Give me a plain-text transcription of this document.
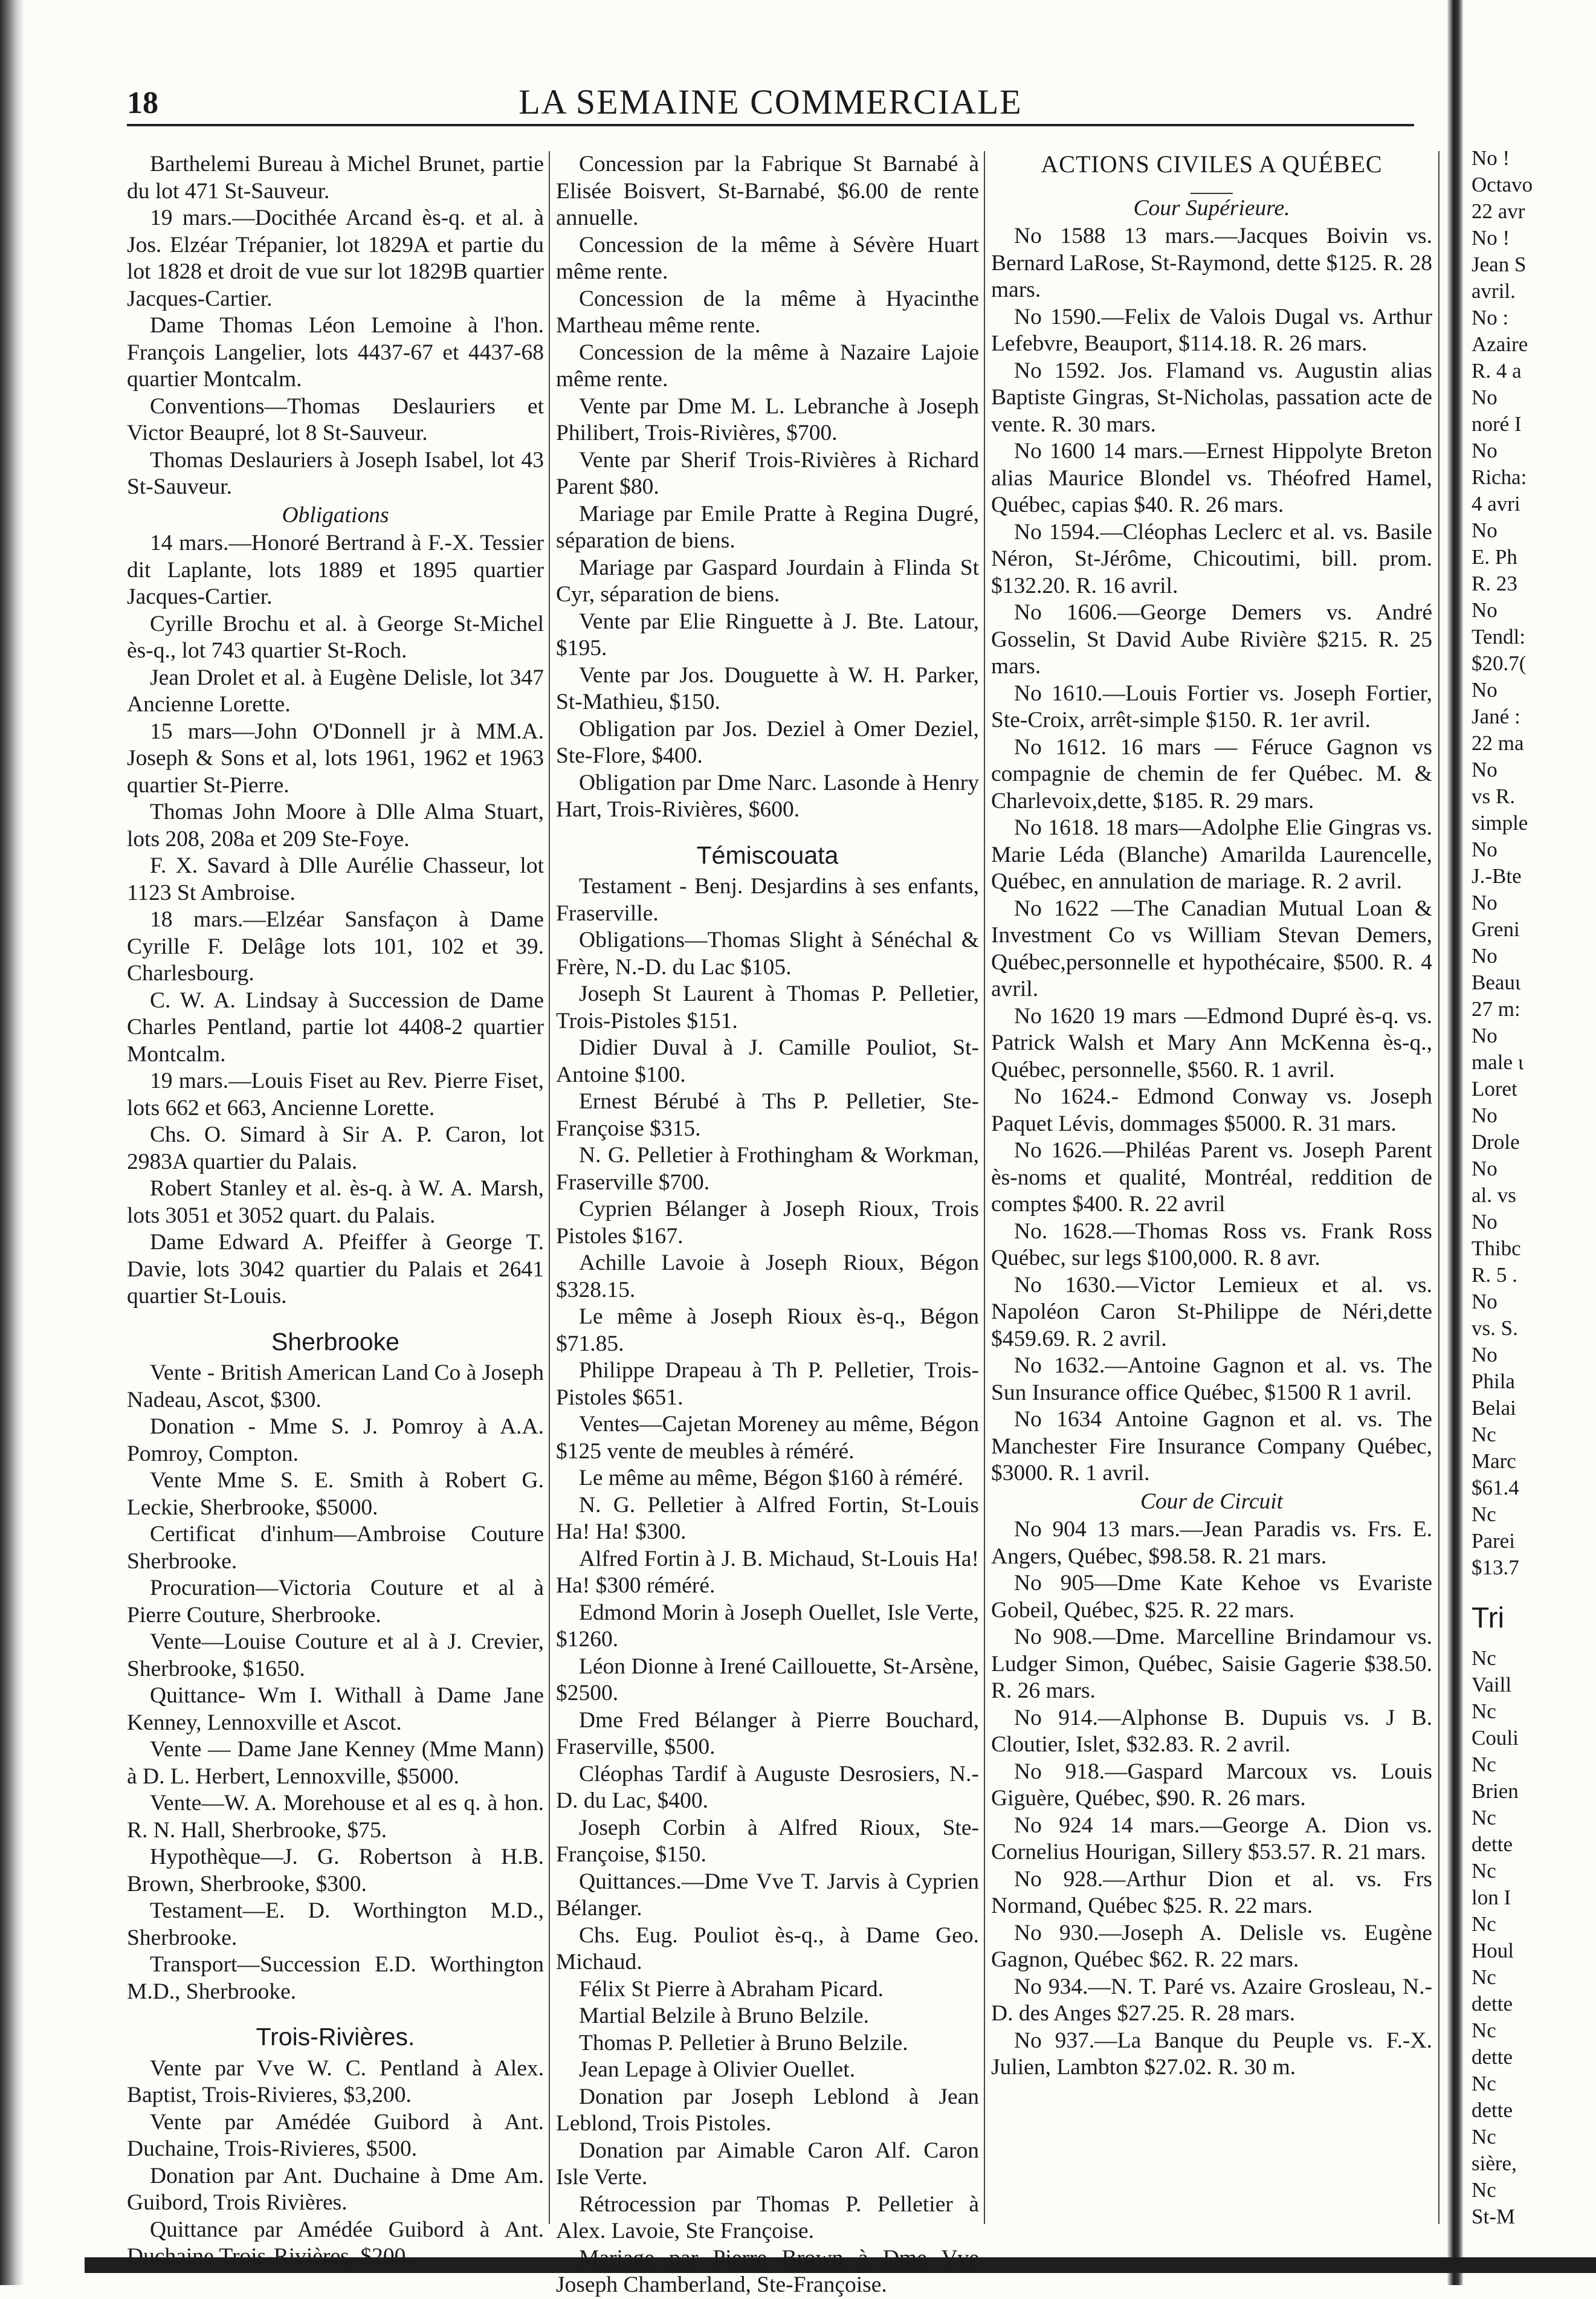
18	LA SEMAINE COMMERCIALE
Barthelemi Bureau à Michel Brunet, partie du lot 471 St-Sauveur.
19 mars.—Docithée Arcand ès-q. et al. à Jos. Elzéar Trépanier, lot 1829A et partie du lot 1828 et droit de vue sur lot 1829B quartier Jacques-Cartier.
Dame Thomas Léon Lemoine à l'hon. François Langelier, lots 4437-67 et 4437-68 quartier Montcalm.
Conventions—Thomas Deslauriers et Victor Beaupré, lot 8 St-Sauveur.
Thomas Deslauriers à Joseph Isabel, lot 43 St-Sauveur.
Obligations
14 mars.—Honoré Bertrand à F.-X. Tessier dit Laplante, lots 1889 et 1895 quartier Jacques-Cartier.
Cyrille Brochu et al. à George St-Michel ès-q., lot 743 quartier St-Roch.
Jean Drolet et al. à Eugène Delisle, lot 347 Ancienne Lorette.
15 mars—John O'Donnell jr à MM.A. Joseph & Sons et al, lots 1961, 1962 et 1963 quartier St-Pierre.
Thomas John Moore à Dlle Alma Stuart, lots 208, 208a et 209 Ste-Foye.
F. X. Savard à Dlle Aurélie Chasseur, lot 1123 St Ambroise.
18 mars.—Elzéar Sansfaçon à Dame Cyrille F. Delâge lots 101, 102 et 39. Charlesbourg.
C. W. A. Lindsay à Succession de Dame Charles Pentland, partie lot 4408-2 quartier Montcalm.
19 mars.—Louis Fiset au Rev. Pierre Fiset, lots 662 et 663, Ancienne Lorette.
Chs. O. Simard à Sir A. P. Caron, lot 2983A quartier du Palais.
Robert Stanley et al. ès-q. à W. A. Marsh, lots 3051 et 3052 quart. du Palais.
Dame Edward A. Pfeiffer à George T. Davie, lots 3042 quartier du Palais et 2641 quartier St-Louis.
Sherbrooke
Vente - British American Land Co à Joseph Nadeau, Ascot, $300.
Donation - Mme S. J. Pomroy à A.A. Pomroy, Compton.
Vente Mme S. E. Smith à Robert G. Leckie, Sherbrooke, $5000.
Certificat d'inhum—Ambroise Couture Sherbrooke.
Procuration—Victoria Couture et al à Pierre Couture, Sherbrooke.
Vente—Louise Couture et al à J. Crevier, Sherbrooke, $1650.
Quittance- Wm I. Withall à Dame Jane Kenney, Lennoxville et Ascot.
Vente — Dame Jane Kenney (Mme Mann) à D. L. Herbert, Lennoxville, $5000.
Vente—W. A. Morehouse et al es q. à hon. R. N. Hall, Sherbrooke, $75.
Hypothèque—J. G. Robertson à H.B. Brown, Sherbrooke, $300.
Testament—E. D. Worthington M.D., Sherbrooke.
Transport—Succession E.D. Worthington M.D., Sherbrooke.
Trois-Rivières.
Vente par Vve W. C. Pentland à Alex. Baptist, Trois-Rivieres, $3,200.
Vente par Amédée Guibord à Ant. Duchaine, Trois-Rivieres, $500.
Donation par Ant. Duchaine à Dme Am. Guibord, Trois Rivières.
Quittance par Amédée Guibord à Ant. Duchaine Trois-Rivières, $200.
Concession par la Fabrique St Barnabé à Elisée Boisvert, St-Barnabé, $6.00 de rente annuelle.
Concession de la même à Sévère Huart même rente.
Concession de la même à Hyacinthe Martheau même rente.
Concession de la même à Nazaire Lajoie même rente.
Vente par Dme M. L. Lebranche à Joseph Philibert, Trois-Rivières, $700.
Vente par Sherif Trois-Rivières à Richard Parent $80.
Mariage par Emile Pratte à Regina Dugré, séparation de biens.
Mariage par Gaspard Jourdain à Flinda St Cyr, séparation de biens.
Vente par Elie Ringuette à J. Bte. Latour, $195.
Vente par Jos. Douguette à W. H. Parker, St-Mathieu, $150.
Obligation par Jos. Deziel à Omer Deziel, Ste-Flore, $400.
Obligation par Dme Narc. Lasonde à Henry Hart, Trois-Rivières, $600.
Témiscouata
Testament - Benj. Desjardins à ses enfants, Fraserville.
Obligations—Thomas Slight à Sénéchal & Frère, N.-D. du Lac $105.
Joseph St Laurent à Thomas P. Pelletier, Trois-Pistoles $151.
Didier Duval à J. Camille Pouliot, St-Antoine $100.
Ernest Bérubé à Ths P. Pelletier, Ste-Françoise $315.
N. G. Pelletier à Frothingham & Workman, Fraserville $700.
Cyprien Bélanger à Joseph Rioux, Trois Pistoles $167.
Achille Lavoie à Joseph Rioux, Bégon $328.15.
Le même à Joseph Rioux ès-q., Bégon $71.85.
Philippe Drapeau à Th P. Pelletier, Trois-Pistoles $651.
Ventes—Cajetan Moreney au même, Bégon $125 vente de meubles à réméré.
Le même au même, Bégon $160 à réméré.
N. G. Pelletier à Alfred Fortin, St-Louis Ha! Ha! $300.
Alfred Fortin à J. B. Michaud, St-Louis Ha! Ha! $300 réméré.
Edmond Morin à Joseph Ouellet, Isle Verte, $1260.
Léon Dionne à Irené Caillouette, St-Arsène, $2500.
Dme Fred Bélanger à Pierre Bouchard, Fraserville, $500.
Cléophas Tardif à Auguste Desrosiers, N.-D. du Lac, $400.
Joseph Corbin à Alfred Rioux, Ste-Françoise, $150.
Quittances.—Dme Vve T. Jarvis à Cyprien Bélanger.
Chs. Eug. Pouliot ès-q., à Dame Geo. Michaud.
Félix St Pierre à Abraham Picard.
Martial Belzile à Bruno Belzile.
Thomas P. Pelletier à Bruno Belzile.
Jean Lepage à Olivier Ouellet.
Donation par Joseph Leblond à Jean Leblond, Trois Pistoles.
Donation par Aimable Caron Alf. Caron Isle Verte.
Rétrocession par Thomas P. Pelletier à Alex. Lavoie, Ste Françoise.
Mariage par Pierre Brown à Dme Vve Joseph Chamberland, Ste-Françoise.
ACTIONS CIVILES A QUÉBEC
Cour Supérieure.
No 1588 13 mars.—Jacques Boivin vs. Bernard LaRose, St-Raymond, dette $125. R. 28 mars.
No 1590.—Felix de Valois Dugal vs. Arthur Lefebvre, Beauport, $114.18. R. 26 mars.
No 1592. Jos. Flamand vs. Augustin alias Baptiste Gingras, St-Nicholas, passation acte de vente. R. 30 mars.
No 1600 14 mars.—Ernest Hippolyte Breton alias Maurice Blondel vs. Théofred Hamel, Québec, capias $40. R. 26 mars.
No 1594.—Cléophas Leclerc et al. vs. Basile Néron, St-Jérôme, Chicoutimi, bill. prom. $132.20. R. 16 avril.
No 1606.—George Demers vs. André Gosselin, St David Aube Rivière $215. R. 25 mars.
No 1610.—Louis Fortier vs. Joseph Fortier, Ste-Croix, arrêt-simple $150. R. 1er avril.
No 1612. 16 mars — Féruce Gagnon vs compagnie de chemin de fer Québec. M. & Charlevoix,dette, $185. R. 29 mars.
No 1618. 18 mars—Adolphe Elie Gingras vs. Marie Léda (Blanche) Amarilda Laurencelle, Québec, en annulation de mariage. R. 2 avril.
No 1622 —The Canadian Mutual Loan & Investment Co vs William Stevan Demers, Québec,personnelle et hypothécaire, $500. R. 4 avril.
No 1620 19 mars —Edmond Dupré ès-q. vs. Patrick Walsh et Mary Ann McKenna ès-q., Québec, personnelle, $560. R. 1 avril.
No 1624.- Edmond Conway vs. Joseph Paquet Lévis, dommages $5000. R. 31 mars.
No 1626.—Philéas Parent vs. Joseph Parent ès-noms et qualité, Montréal, reddition de comptes $400. R. 22 avril
No. 1628.—Thomas Ross vs. Frank Ross Québec, sur legs $100,000. R. 8 avr.
No 1630.—Victor Lemieux et al. vs. Napoléon Caron St-Philippe de Néri,dette $459.69. R. 2 avril.
No 1632.—Antoine Gagnon et al. vs. The Sun Insurance office Québec, $1500 R 1 avril.
No 1634 Antoine Gagnon et al. vs. The Manchester Fire Insurance Company Québec, $3000. R. 1 avril.
Cour de Circuit
No 904 13 mars.—Jean Paradis vs. Frs. E. Angers, Québec, $98.58. R. 21 mars.
No 905—Dme Kate Kehoe vs Evariste Gobeil, Québec, $25. R. 22 mars.
No 908.—Dme. Marcelline Brindamour vs. Ludger Simon, Québec, Saisie Gagerie $38.50. R. 26 mars.
No 914.—Alphonse B. Dupuis vs. J B. Cloutier, Islet, $32.83. R. 2 avril.
No 918.—Gaspard Marcoux vs. Louis Giguère, Québec, $90. R. 26 mars.
No 924 14 mars.—George A. Dion vs. Cornelius Hourigan, Sillery $53.57. R. 21 mars.
No 928.—Arthur Dion et al. vs. Frs Normand, Québec $25. R. 22 mars.
No 930.—Joseph A. Delisle vs. Eugène Gagnon, Québec $62. R. 22 mars.
No 934.—N. T. Paré vs. Azaire Grosleau, N.-D. des Anges $27.25. R. 28 mars.
No 937.—La Banque du Peuple vs. F.-X. Julien, Lambton $27.02. R. 30 m.
No !
Octavo
22 avr
No !
Jean S
avril.
No :
Azaire
R. 4 a
No
noré I
No
Richa:
4 avri
No
E. Ph
R. 23
No
Tendl:
$20.7(
No
Jané :
22 ma
No
vs R.
simple
No
J.-Bte
No
Greni
No
Beauι
27 m:
No
male ι
Loret
No
Drole
No
al. vs
No
Thibc
R. 5 .
No
vs. S.
No
Phila
Belai
Nc
Marc
$61.4
Nc
Parei
$13.7
Tri
Nc
Vaill
Nc
Couli
Nc
Brien
Nc
dette
Nc
lon I
Nc
Houl
Nc
dette
Nc
dette
Nc
dette
Nc
sière,
Nc
St-M
